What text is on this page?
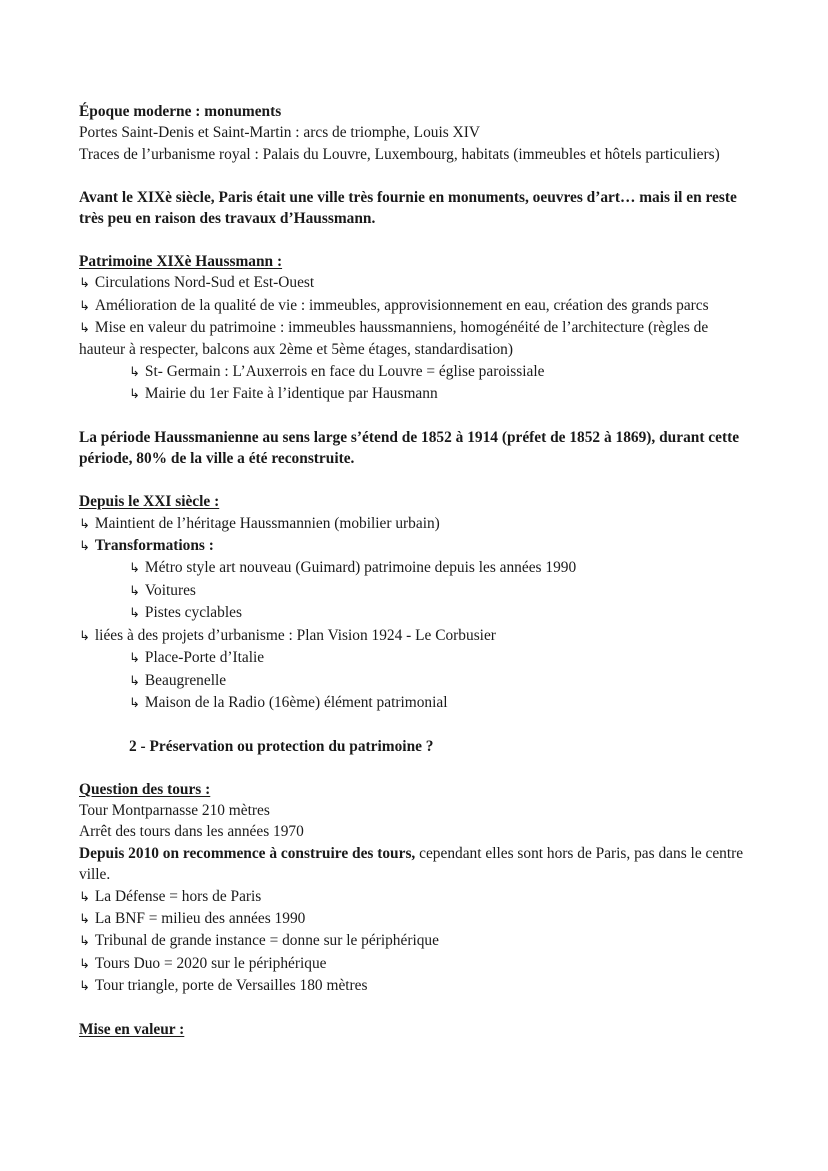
Époque moderne : monuments
Portes Saint-Denis et Saint-Martin : arcs de triomphe, Louis XIV
Traces de l’urbanisme royal : Palais du Louvre, Luxembourg, habitats (immeubles et hôtels particuliers)
Avant le XIXè siècle, Paris était une ville très fournie en monuments, oeuvres d’art… mais il en reste très peu en raison des travaux d’Haussmann.
Patrimoine XIXè Haussmann :
↳ Circulations Nord-Sud et Est-Ouest
↳ Amélioration de la qualité de vie : immeubles, approvisionnement en eau, création des grands parcs
↳ Mise en valeur du patrimoine : immeubles haussmanniens, homogénéité de l’architecture (règles de hauteur à respecter, balcons aux 2ème et 5ème étages, standardisation)
↳ St- Germain : L’Auxerrois en face du Louvre = église paroissiale
↳ Mairie du 1er Faite à l’identique par Hausmann
La période Haussmanienne au sens large s’étend de 1852 à 1914 (préfet de 1852 à 1869), durant cette période, 80% de la ville a été reconstruite.
Depuis le XXI siècle :
↳ Maintient de l’héritage Haussmannien (mobilier urbain)
↳ Transformations :
↳ Métro style art nouveau (Guimard) patrimoine depuis les années 1990
↳ Voitures
↳ Pistes cyclables
↳ liées à des projets d’urbanisme : Plan Vision 1924 - Le Corbusier
↳ Place-Porte d’Italie
↳ Beaugrenelle
↳ Maison de la Radio (16ème) élément patrimonial
2 - Préservation ou protection du patrimoine ?
Question des tours :
Tour Montparnasse 210 mètres
Arrêt des tours dans les années 1970
Depuis 2010 on recommence à construire des tours, cependant elles sont hors de Paris, pas dans le centre ville.
↳ La Défense = hors de Paris
↳ La BNF = milieu des années 1990
↳ Tribunal de grande instance = donne sur le périphérique
↳ Tours Duo = 2020 sur le périphérique
↳ Tour triangle, porte de Versailles 180 mètres
Mise en valeur :
